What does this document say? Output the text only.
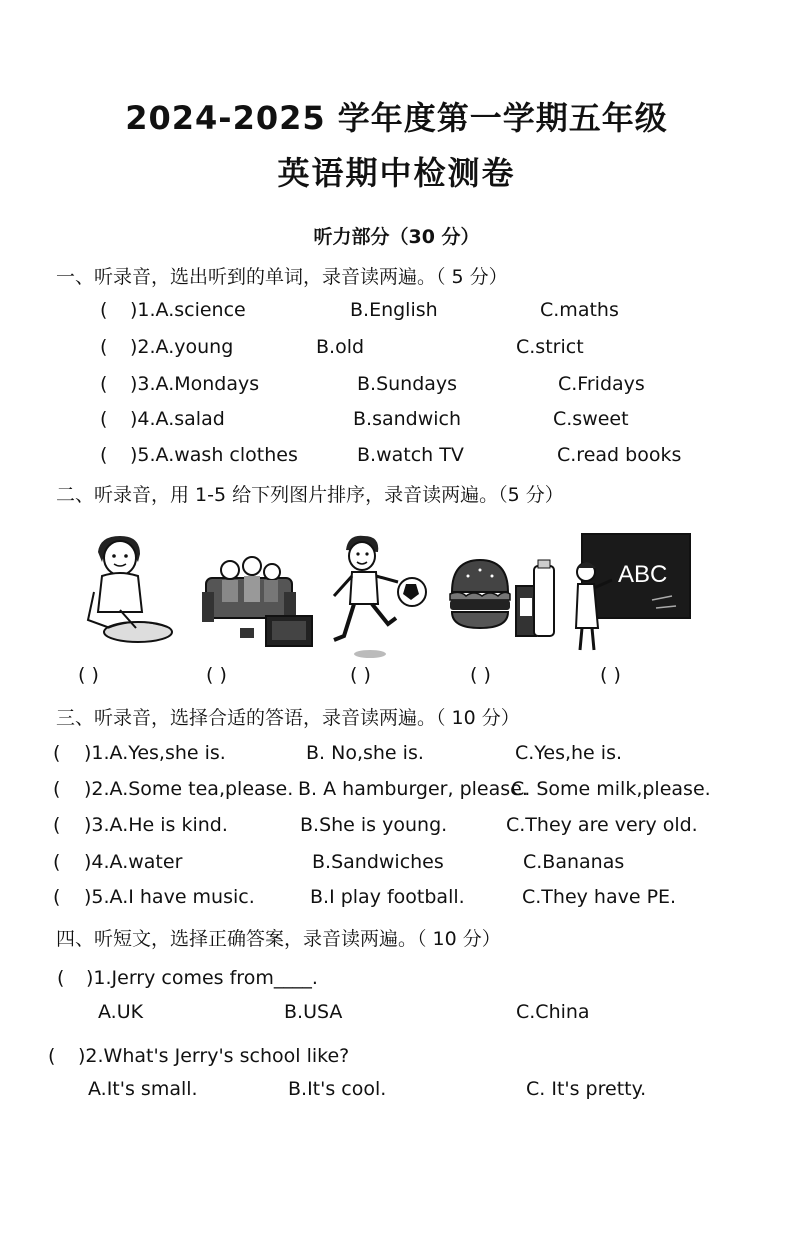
2024-2025 学年度第一学期五年级
英语期中检测卷
听力部分（30 分）
一、听录音，选出听到的单词，录音读两遍。（ 5 分）
( )1.A.science	B.English	C.maths
( )2.A.young	B.old	C.strict
( )3.A.Mondays	B.Sundays	C.Fridays
( )4.A.salad	B.sandwich	C.sweet
( )5.A.wash clothes	B.watch TV	C.read books
二、听录音，用 1-5 给下列图片排序，录音读两遍。（5 分）
ABC
( )	( )	( )	( )	( )
三、听录音，选择合适的答语，录音读两遍。（ 10 分）
( )1.A.Yes,she is.	B. No,she is.	C.Yes,he is.
( )2.A.Some tea,please. B. A hamburger, please.
C. Some milk,please.
( )3.A.He is kind.	B.She is young.	C.They are very old.
( )4.A.water	B.Sandwiches	C.Bananas
( )5.A.I have music.	B.I play football.	C.They have PE.
四、听短文，选择正确答案，录音读两遍。（ 10 分）
( )1.Jerry comes from____.
A.UK	B.USA	C.China
( )2.What's Jerry's school like?
A.It's small.	B.It's cool.	C. It's pretty.
